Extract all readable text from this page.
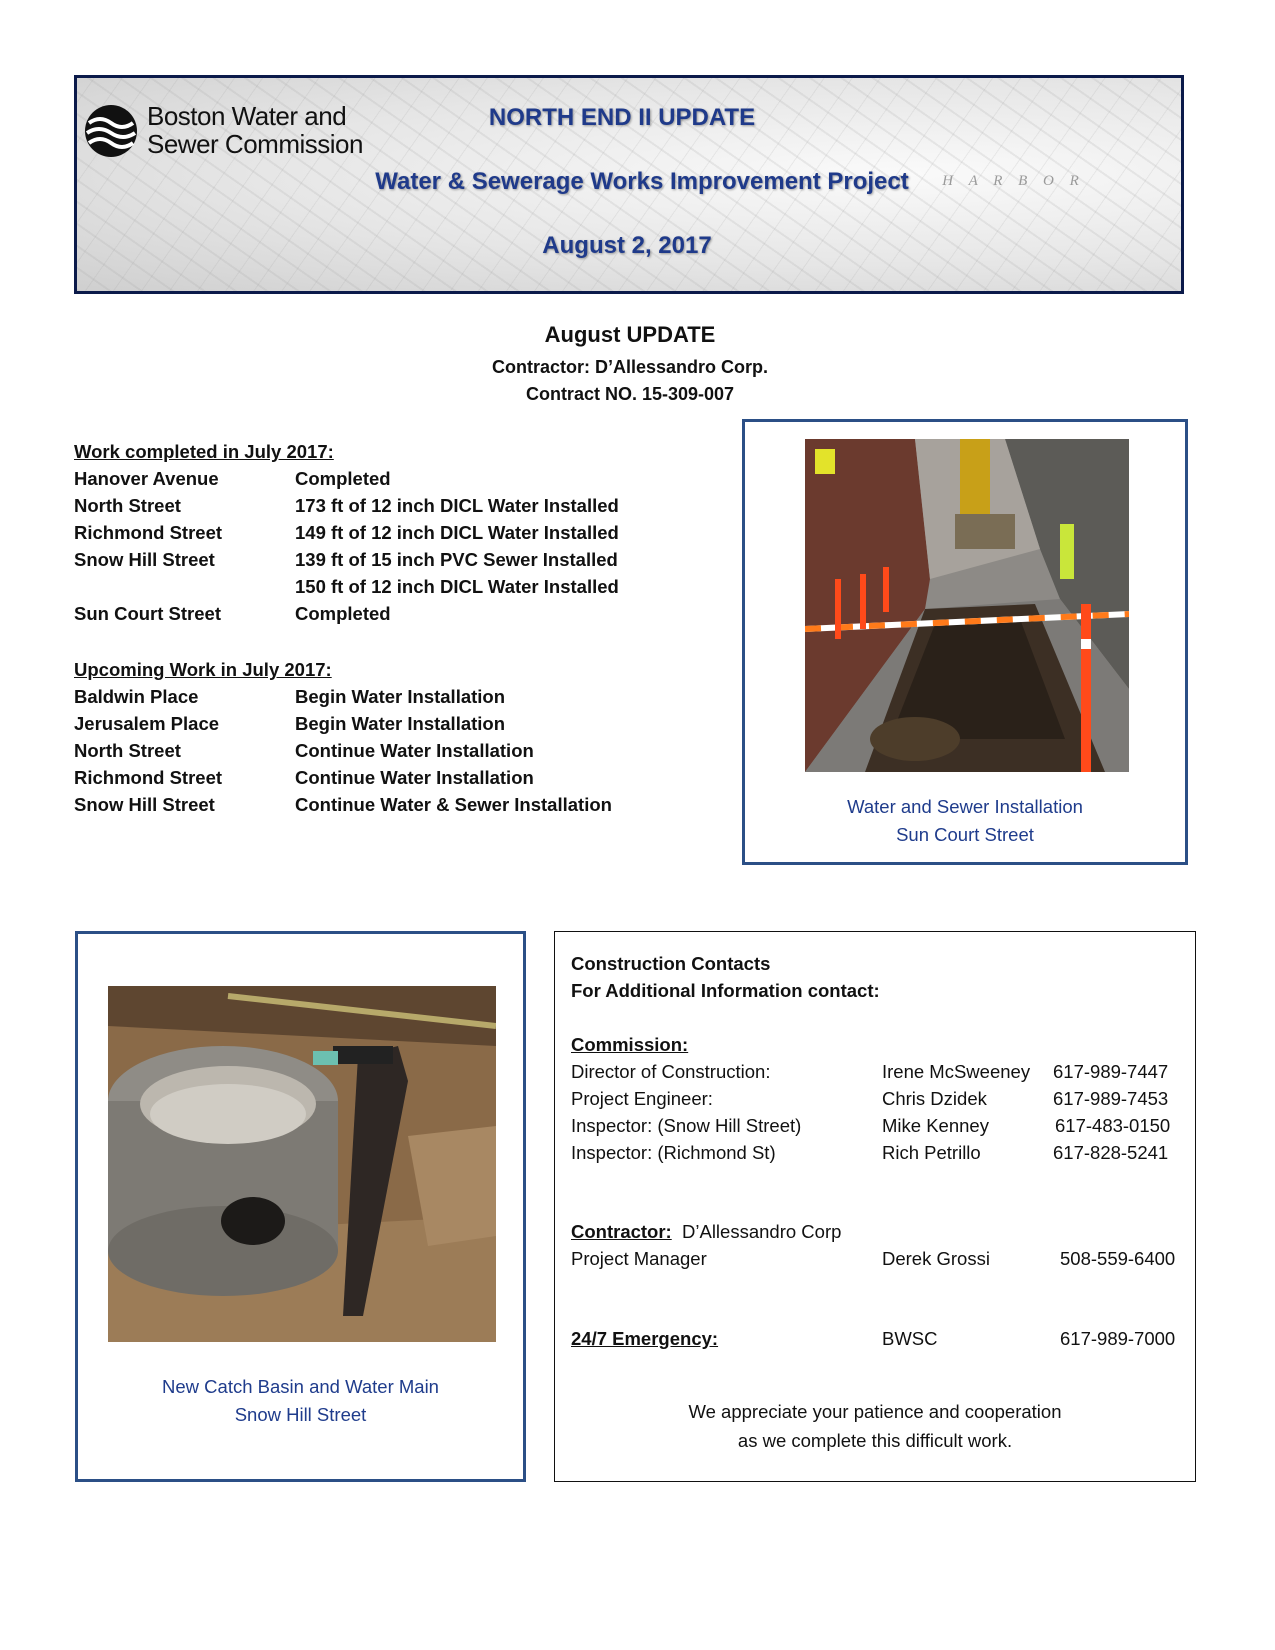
N   H A R B O R
Boston Water and
Sewer Commission
NORTH END II UPDATE
Water & Sewerage Works Improvement Project
August 2, 2017
August UPDATE
Contractor: D’Allessandro Corp.
Contract NO. 15-309-007
Work completed in July 2017:
Hanover Avenue	Completed
North Street	173 ft of 12 inch DICL Water Installed
Richmond Street	149 ft of 12 inch DICL Water Installed
Snow Hill Street	139 ft of 15 inch PVC Sewer Installed
150 ft of 12 inch DICL Water Installed
Sun Court Street	Completed
Upcoming Work in July 2017:
Baldwin Place	Begin Water Installation
Jerusalem Place	Begin Water Installation
North Street	Continue Water Installation
Richmond Street	Continue Water Installation
Snow Hill Street	Continue Water & Sewer Installation	Water and Sewer Installation
Sun Court Street
New Catch Basin and Water Main
Snow Hill Street
Construction Contacts
For Additional Information contact:
Commission:
Director of Construction:	Irene McSweeney 617-989-7447
Project Engineer:	Chris Dzidek	617-989-7453
Inspector: (Snow Hill Street)	Mike Kenney	617-483-0150
Inspector: (Richmond St)	Rich Petrillo	617-828-5241
Contractor: D’Allessandro Corp
Project Manager	Derek Grossi	508-559-6400
24/7 Emergency:	BWSC	617-989-7000
We appreciate your patience and cooperation
as we complete this difficult work.
